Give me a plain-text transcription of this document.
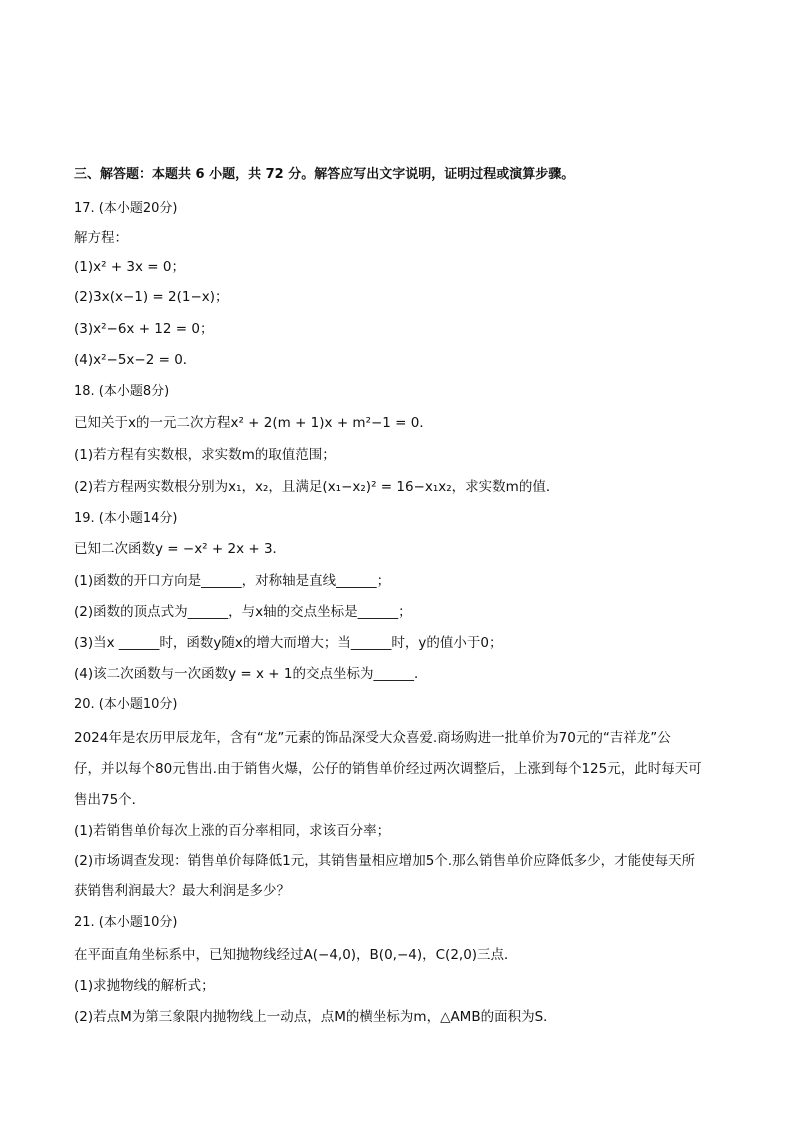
三、解答题：本题共 6 小题，共 72 分。解答应写出文字说明，证明过程或演算步骤。
17. (本小题20分)
解方程：
(1)x² + 3x = 0；
(2)3x(x−1) = 2(1−x)；
(3)x²−6x + 12 = 0；
(4)x²−5x−2 = 0．
18. (本小题8分)
已知关于x的一元二次方程x² + 2(m + 1)x + m²−1 = 0．
(1)若方程有实数根，求实数m的取值范围；
(2)若方程两实数根分别为x₁，x₂，且满足(x₁−x₂)² = 16−x₁x₂，求实数m的值．
19. (本小题14分)
已知二次函数y = −x² + 2x + 3．
(1)函数的开口方向是______，对称轴是直线______；
(2)函数的顶点式为______，与x轴的交点坐标是______；
(3)当x ______时，函数y随x的增大而增大；当______时，y的值小于0；
(4)该二次函数与一次函数y = x + 1的交点坐标为______．
20. (本小题10分)
2024年是农历甲辰龙年，含有“龙”元素的饰品深受大众喜爱.商场购进一批单价为70元的“吉祥龙”公
仔，并以每个80元售出.由于销售火爆，公仔的销售单价经过两次调整后，上涨到每个125元，此时每天可
售出75个．
(1)若销售单价每次上涨的百分率相同，求该百分率；
(2)市场调查发现：销售单价每降低1元，其销售量相应增加5个.那么销售单价应降低多少，才能使每天所
获销售利润最大？最大利润是多少？
21. (本小题10分)
在平面直角坐标系中，已知抛物线经过A(−4,0)，B(0,−4)，C(2,0)三点．
(1)求抛物线的解析式；
(2)若点M为第三象限内抛物线上一动点，点M的横坐标为m，△AMB的面积为S．
